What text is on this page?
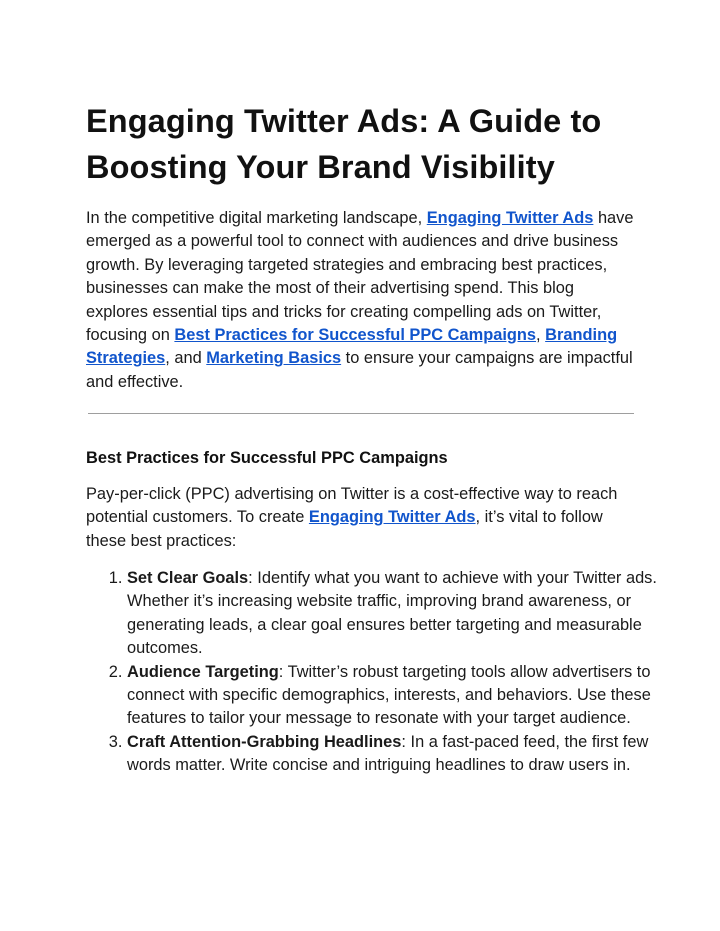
Engaging Twitter Ads: A Guide to Boosting Your Brand Visibility

In the competitive digital marketing landscape, Engaging Twitter Ads have emerged as a powerful tool to connect with audiences and drive business growth. By leveraging targeted strategies and embracing best practices, businesses can make the most of their advertising spend. This blog explores essential tips and tricks for creating compelling ads on Twitter, focusing on Best Practices for Successful PPC Campaigns, Branding Strategies, and Marketing Basics to ensure your campaigns are impactful and effective.

Best Practices for Successful PPC Campaigns

Pay-per-click (PPC) advertising on Twitter is a cost-effective way to reach potential customers. To create Engaging Twitter Ads, it’s vital to follow these best practices:

1. Set Clear Goals: Identify what you want to achieve with your Twitter ads. Whether it’s increasing website traffic, improving brand awareness, or generating leads, a clear goal ensures better targeting and measurable outcomes.
2. Audience Targeting: Twitter’s robust targeting tools allow advertisers to connect with specific demographics, interests, and behaviors. Use these features to tailor your message to resonate with your target audience.
3. Craft Attention-Grabbing Headlines: In a fast-paced feed, the first few words matter. Write concise and intriguing headlines to draw users in.
